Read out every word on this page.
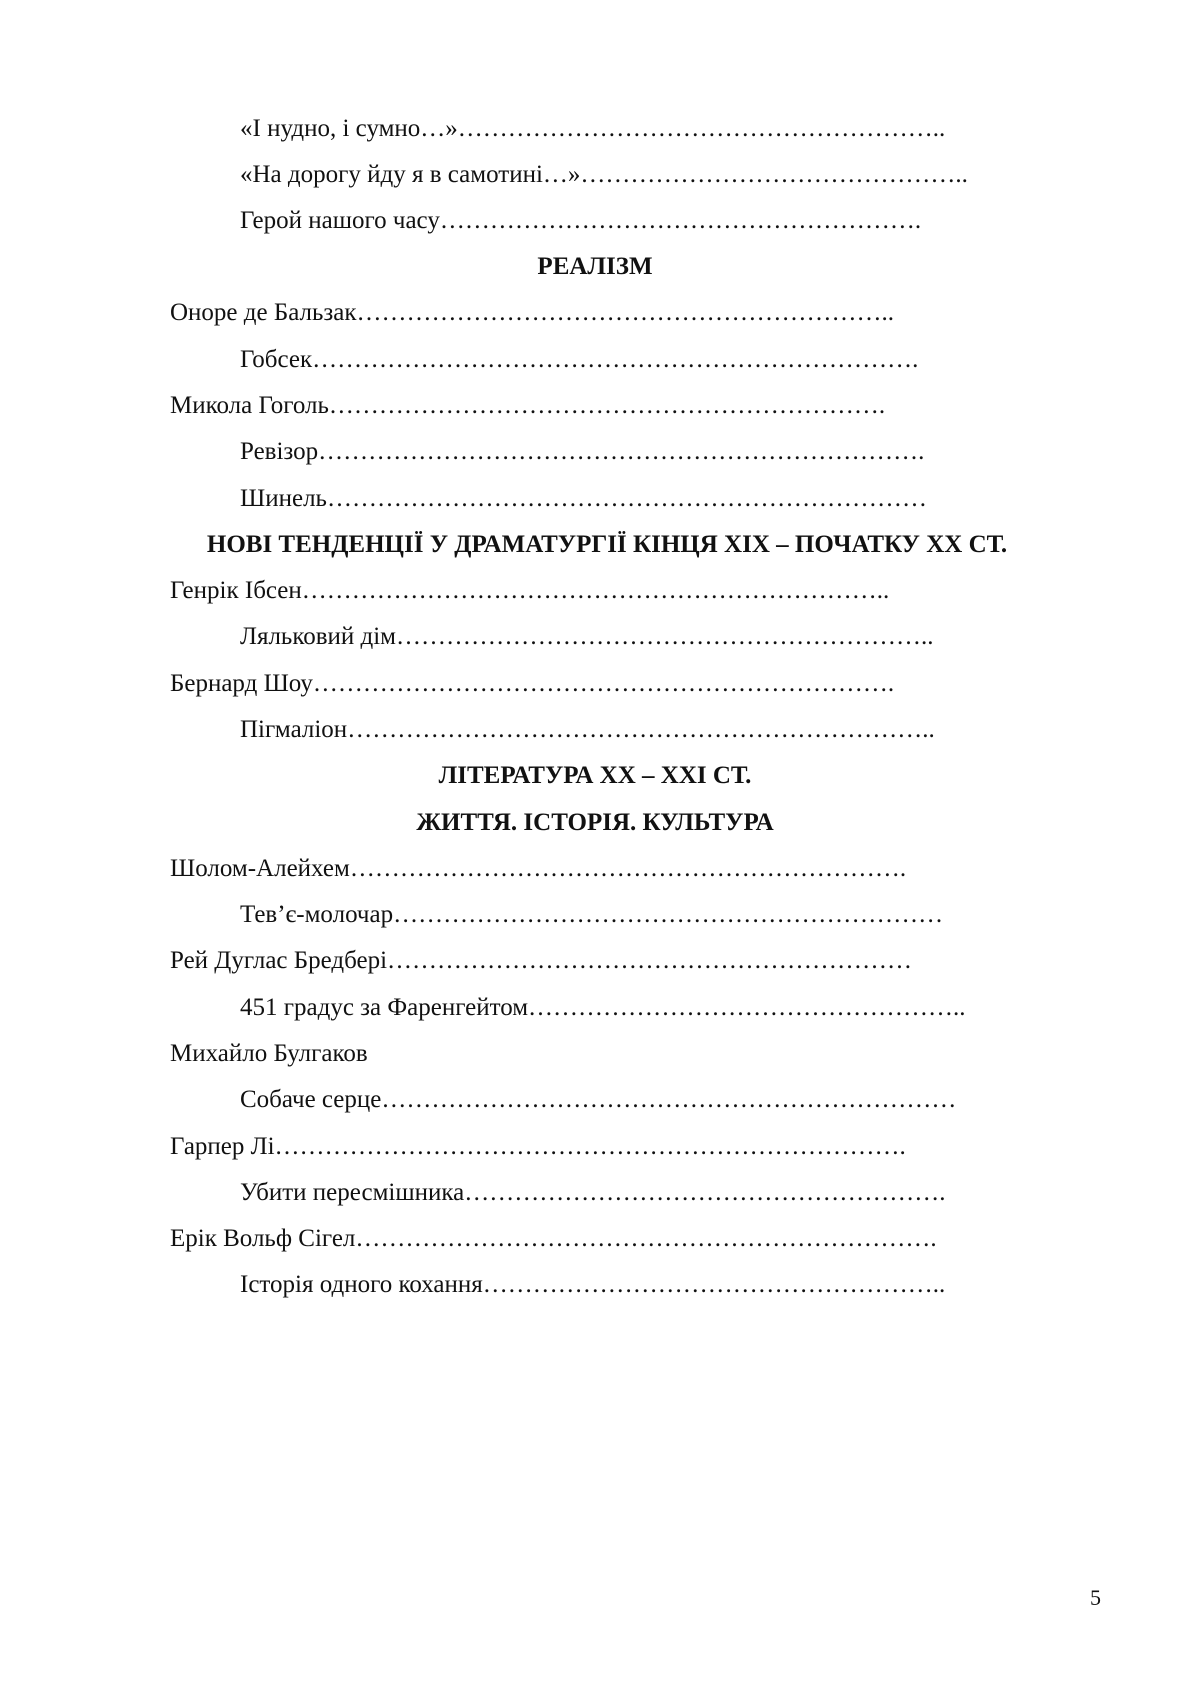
«І нудно, і сумно…»…………………………………………………..
«На дорогу йду я в самотині…»………………………………………..
Герой нашого часу………………………………………………….
РЕАЛІЗМ
Оноре де Бальзак………………………………………………………..
Гобсек……………………………………………………………….
Микола Гоголь………………………………………………………….
Ревізор……………………………………………………………….
Шинель………………………………………………………………
НОВІ ТЕНДЕНЦІЇ У ДРАМАТУРГІЇ КІНЦЯ ХІХ – ПОЧАТКУ ХХ СТ.
Генрік Ібсен……………………………………………………………..
Ляльковий дім………………………………………………………..
Бернард Шоу…………………………………………………………….
Пігмаліон……………………………………………………………..
ЛІТЕРАТУРА ХХ – ХХІ СТ.
ЖИТТЯ. ІСТОРІЯ. КУЛЬТУРА
Шолом-Алейхем………………………………………………………….
Тев’є-молочар…………………………………………………………
Рей Дуглас Бредбері………………………………………………………
451 градус за Фаренгейтом……………………………………………..
Михайло Булгаков
Собаче серце……………………………………………………………
Гарпер Лі………………………………………………………………….
Убити пересмішника………………………………………………….
Ерік Вольф Сігел…………………………………………………………….
Історія одного кохання………………………………………………..
5
